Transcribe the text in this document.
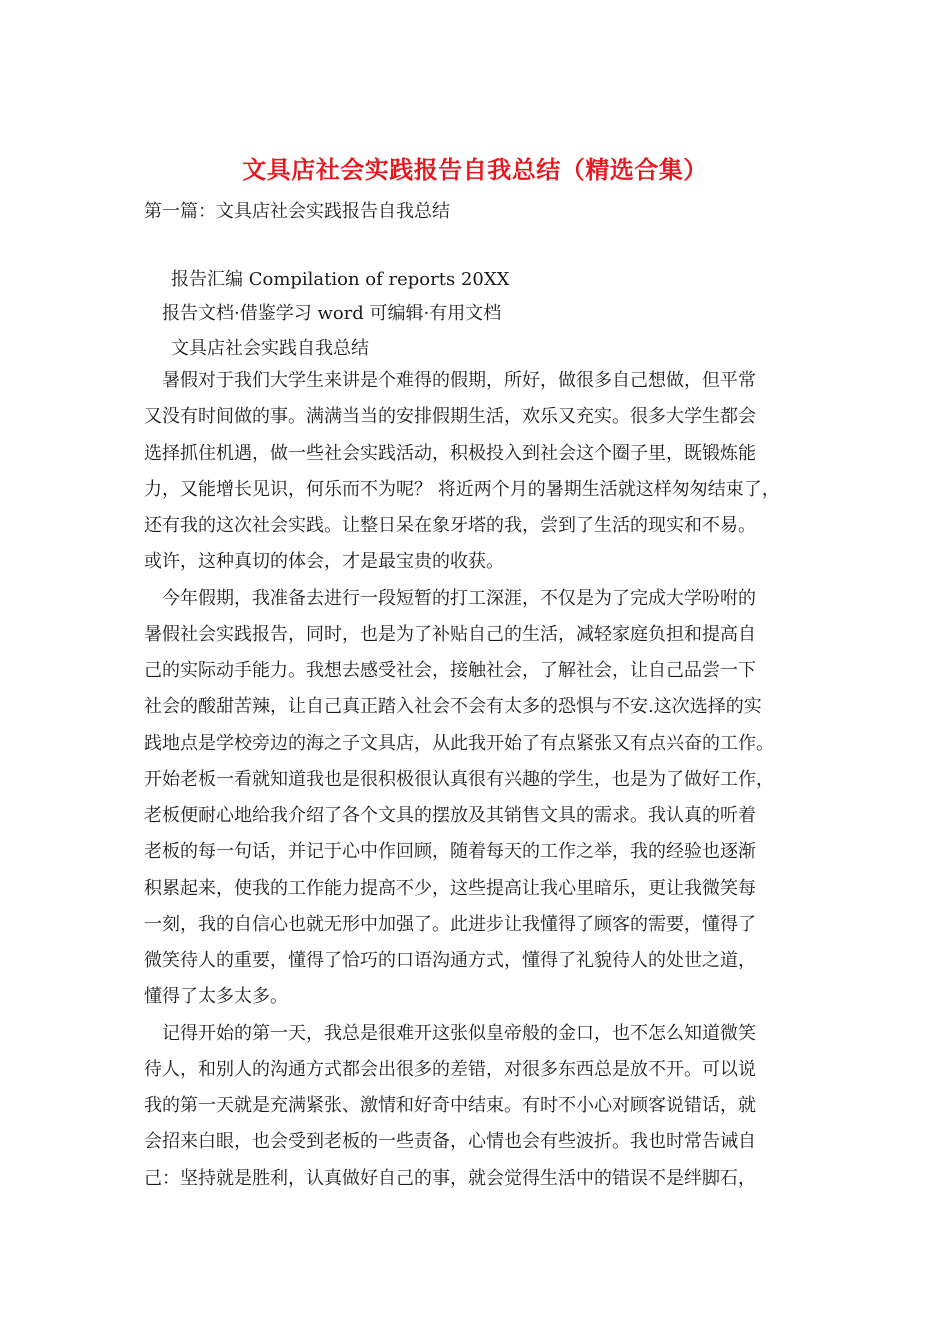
文具店社会实践报告自我总结（精选合集）
第一篇：文具店社会实践报告自我总结
报告汇编 Compilation of reports 20XX
报告文档·借鉴学习 word 可编辑·有用文档
文具店社会实践自我总结
　暑假对于我们大学生来讲是个难得的假期，所好，做很多自己想做，但平常
又没有时间做的事。满满当当的安排假期生活，欢乐又充实。很多大学生都会
选择抓住机遇，做一些社会实践活动，积极投入到社会这个圈子里，既锻炼能
力，又能增长见识，何乐而不为呢？ 将近两个月的暑期生活就这样匆匆结束了，
还有我的这次社会实践。让整日呆在象牙塔的我，尝到了生活的现实和不易。
或许，这种真切的体会，才是最宝贵的收获。
　今年假期，我准备去进行一段短暂的打工深涯，不仅是为了完成大学吩咐的
暑假社会实践报告，同时，也是为了补贴自己的生活，减轻家庭负担和提高自
己的实际动手能力。我想去感受社会，接触社会，了解社会，让自己品尝一下
社会的酸甜苦辣，让自己真正踏入社会不会有太多的恐惧与不安.这次选择的实
践地点是学校旁边的海之子文具店，从此我开始了有点紧张又有点兴奋的工作。
开始老板一看就知道我也是很积极很认真很有兴趣的学生，也是为了做好工作，
老板便耐心地给我介绍了各个文具的摆放及其销售文具的需求。我认真的听着
老板的每一句话，并记于心中作回顾，随着每天的工作之举，我的经验也逐渐
积累起来，使我的工作能力提高不少，这些提高让我心里暗乐，更让我微笑每
一刻，我的自信心也就无形中加强了。此进步让我懂得了顾客的需要，懂得了
微笑待人的重要，懂得了恰巧的口语沟通方式，懂得了礼貌待人的处世之道，
懂得了太多太多。
　记得开始的第一天，我总是很难开这张似皇帝般的金口，也不怎么知道微笑
待人，和别人的沟通方式都会出很多的差错，对很多东西总是放不开。可以说
我的第一天就是充满紧张、激情和好奇中结束。有时不小心对顾客说错话，就
会招来白眼，也会受到老板的一些责备，心情也会有些波折。我也时常告诫自
己：坚持就是胜利，认真做好自己的事，就会觉得生活中的错误不是绊脚石，
